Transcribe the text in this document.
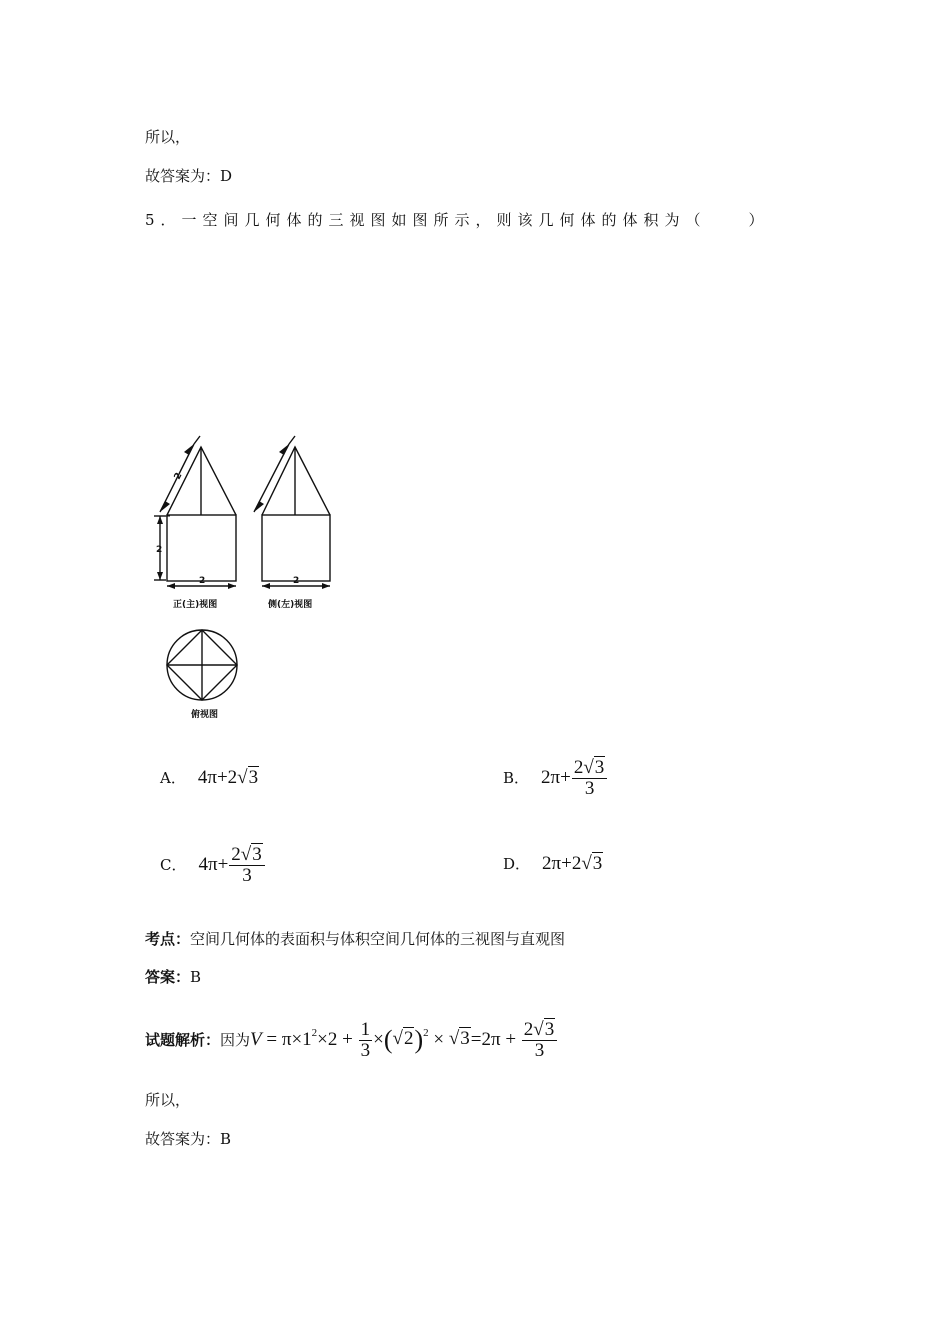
所以，
故答案为：D
5．一空间几何体的三视图如图所示，则该几何体的体积为（　　）
2
2
2	2
正(主)视图	侧(左)视图
俯视图
A． 4π+2√3	B． $2\pi+ \frac{2√3}{3}$
C． $4\pi+ \frac{2√3}{3}$	D． 2π+2√3
考点：空间几何体的表面积与体积空间几何体的三视图与直观图
答案：B
试题解析： 因为 $V = \pi\times 1^2\times 2 + \frac{1}{3} \times(√2)^2 \times √3=2\pi + \frac{2√3}{3}$
所以，
故答案为：B
